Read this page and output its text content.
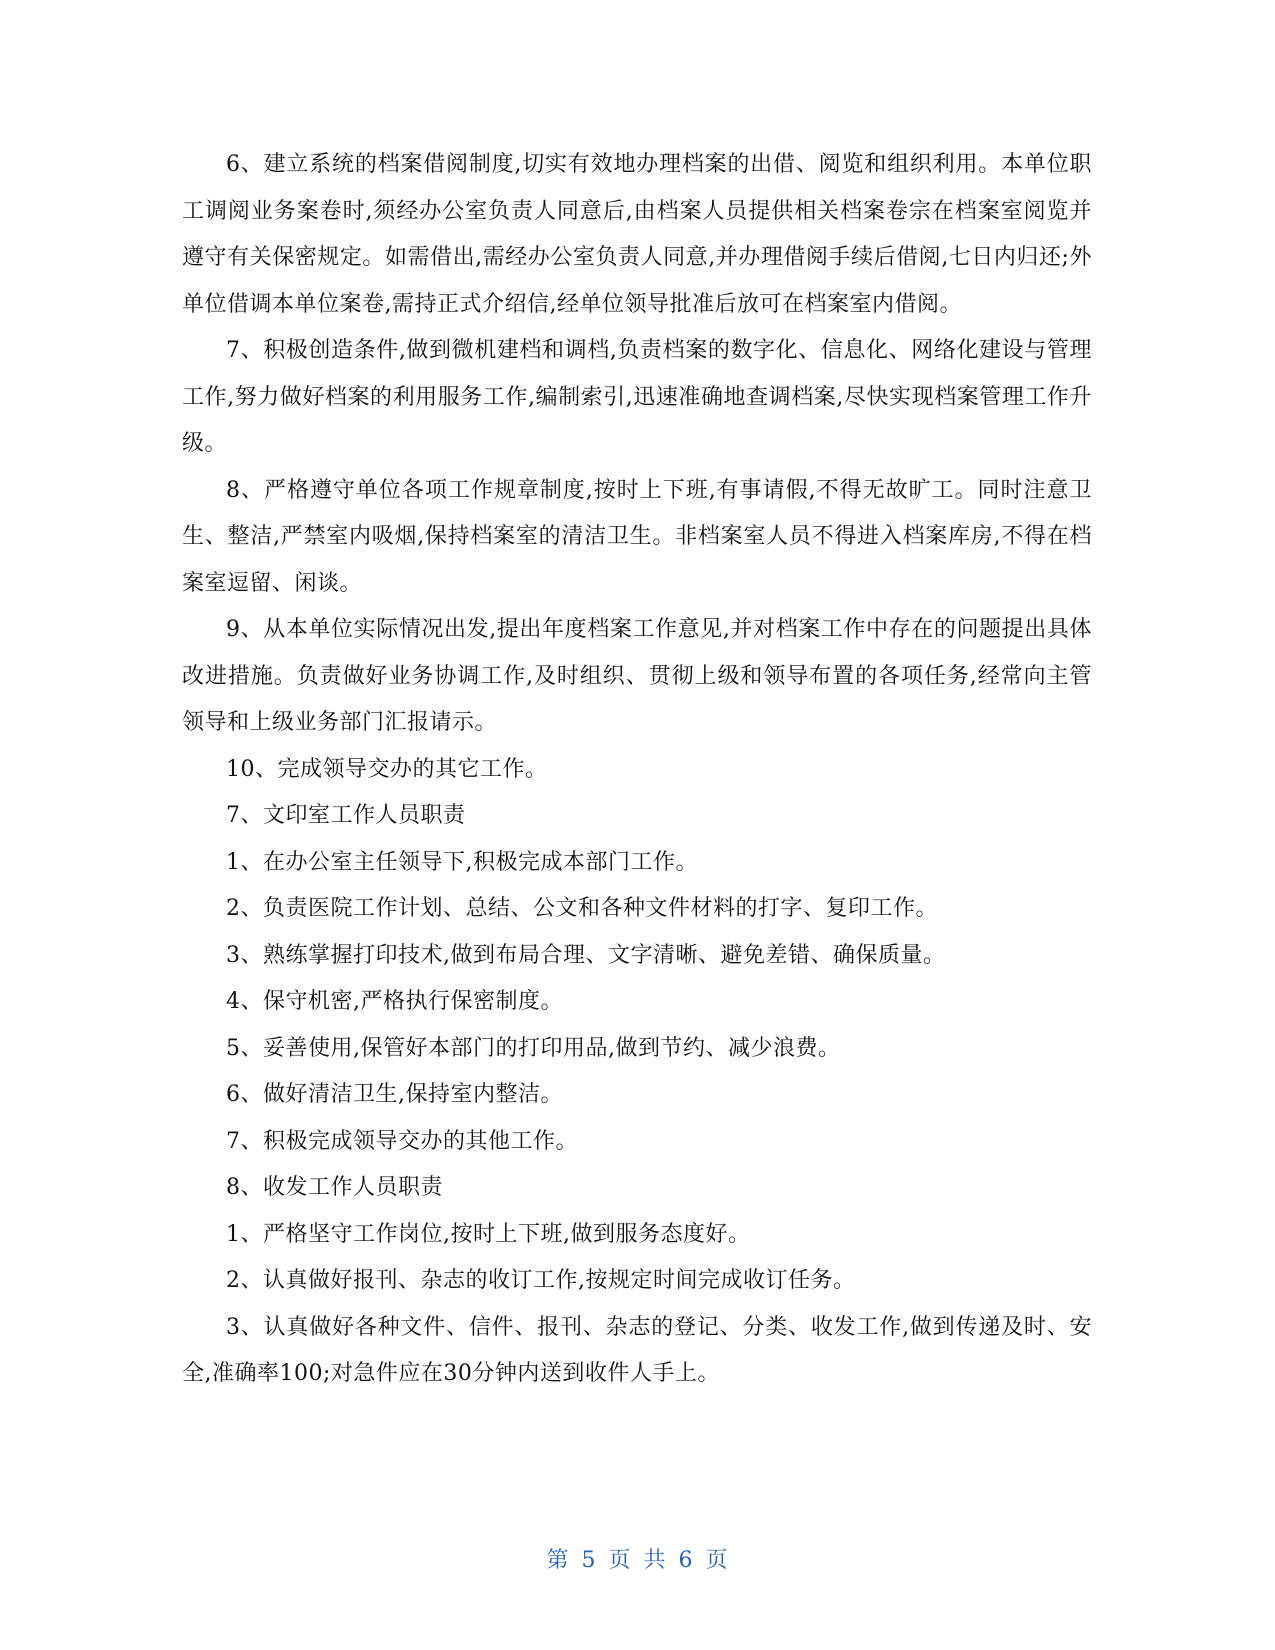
6、建立系统的档案借阅制度,切实有效地办理档案的出借、阅览和组织利用。本单位职工调阅业务案卷时,须经办公室负责人同意后,由档案人员提供相关档案卷宗在档案室阅览并遵守有关保密规定。如需借出,需经办公室负责人同意,并办理借阅手续后借阅,七日内归还;外单位借调本单位案卷,需持正式介绍信,经单位领导批准后放可在档案室内借阅。

7、积极创造条件,做到微机建档和调档,负责档案的数字化、信息化、网络化建设与管理工作,努力做好档案的利用服务工作,编制索引,迅速准确地查调档案,尽快实现档案管理工作升级。

8、严格遵守单位各项工作规章制度,按时上下班,有事请假,不得无故旷工。同时注意卫生、整洁,严禁室内吸烟,保持档案室的清洁卫生。非档案室人员不得进入档案库房,不得在档案室逗留、闲谈。

9、从本单位实际情况出发,提出年度档案工作意见,并对档案工作中存在的问题提出具体改进措施。负责做好业务协调工作,及时组织、贯彻上级和领导布置的各项任务,经常向主管领导和上级业务部门汇报请示。

10、完成领导交办的其它工作。

7、文印室工作人员职责

1、在办公室主任领导下,积极完成本部门工作。

2、负责医院工作计划、总结、公文和各种文件材料的打字、复印工作。

3、熟练掌握打印技术,做到布局合理、文字清晰、避免差错、确保质量。

4、保守机密,严格执行保密制度。

5、妥善使用,保管好本部门的打印用品,做到节约、减少浪费。

6、做好清洁卫生,保持室内整洁。

7、积极完成领导交办的其他工作。

8、收发工作人员职责

1、严格坚守工作岗位,按时上下班,做到服务态度好。

2、认真做好报刊、杂志的收订工作,按规定时间完成收订任务。

3、认真做好各种文件、信件、报刊、杂志的登记、分类、收发工作,做到传递及时、安全,准确率100;对急件应在30分钟内送到收件人手上。

第 5 页 共 6 页
